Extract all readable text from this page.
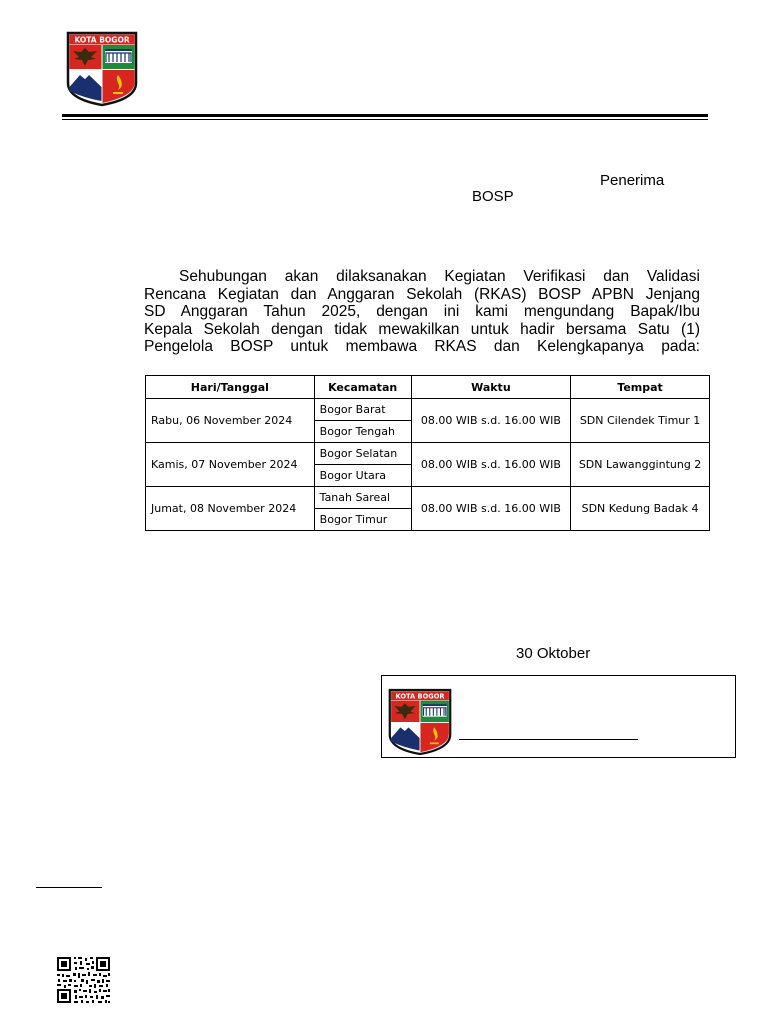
KOTA BOGOR
Penerima
BOSP
Sehubungan akan dilaksanakan Kegiatan Verifikasi dan Validasi
Rencana Kegiatan dan Anggaran Sekolah (RKAS) BOSP APBN Jenjang
SD Anggaran Tahun 2025, dengan ini kami mengundang Bapak/Ibu
Kepala Sekolah dengan tidak mewakilkan untuk hadir bersama Satu (1)
Pengelola BOSP untuk membawa RKAS dan Kelengkapanya pada:
Hari/Tanggal	Kecamatan	Waktu	Tempat
Rabu, 06 November 2024	Bogor Barat	08.00 WIB s.d. 16.00 WIB	SDN Cilendek Timur 1
	Bogor Tengah		
Kamis, 07 November 2024	Bogor Selatan	08.00 WIB s.d. 16.00 WIB	SDN Lawanggintung 2
	Bogor Utara		
Jumat, 08 November 2024	Tanah Sareal	08.00 WIB s.d. 16.00 WIB	SDN Kedung Badak 4
	Bogor Timur		
30 Oktober
KOTA BOGOR
